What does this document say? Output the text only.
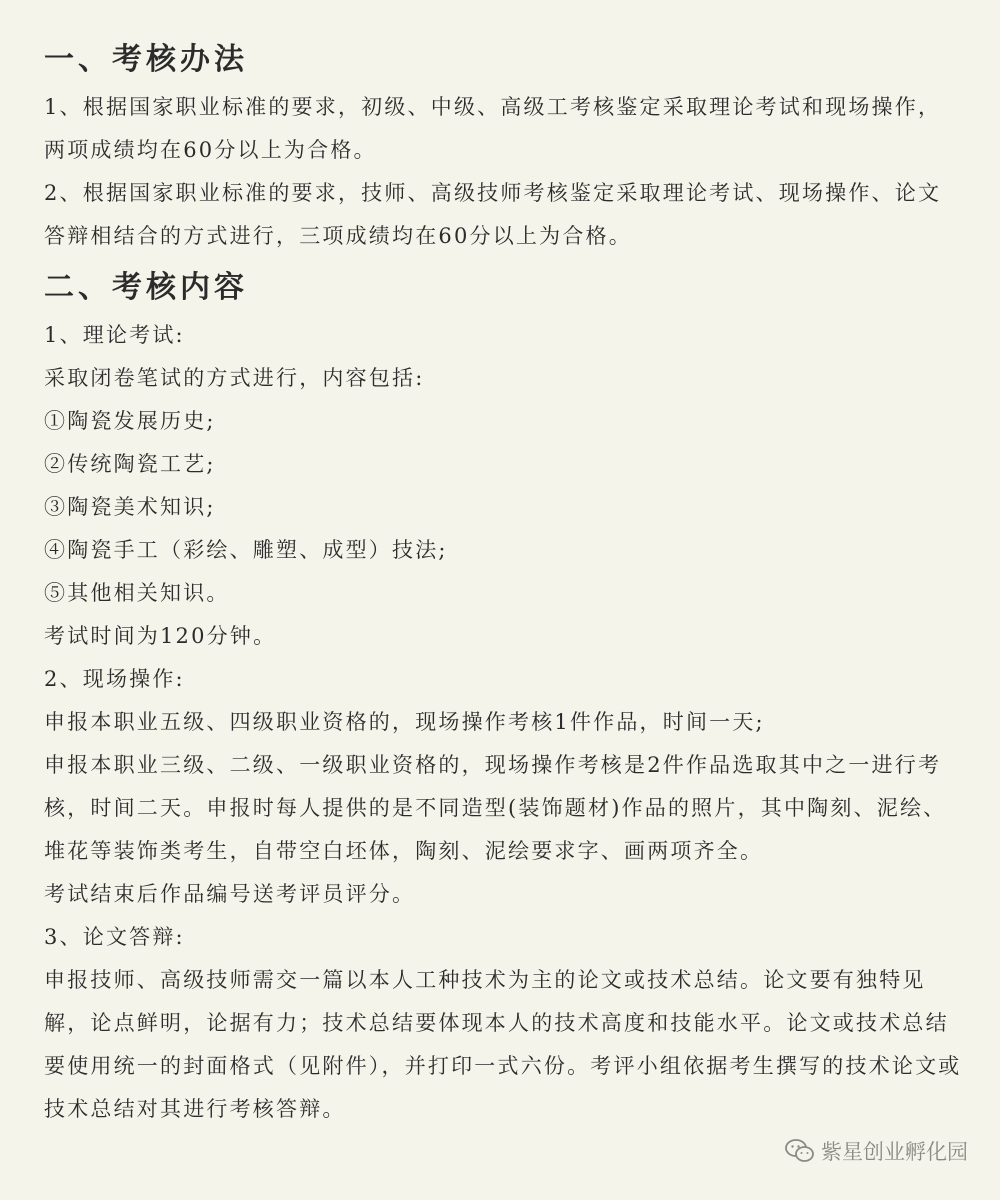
一、考核办法

1、根据国家职业标准的要求，初级、中级、高级工考核鉴定采取理论考试和现场操作，两项成绩均在60分以上为合格。

2、根据国家职业标准的要求，技师、高级技师考核鉴定采取理论考试、现场操作、论文答辩相结合的方式进行，三项成绩均在60分以上为合格。

二、考核内容

1、理论考试:

采取闭卷笔试的方式进行，内容包括:

①陶瓷发展历史;

②传统陶瓷工艺;

③陶瓷美术知识;

④陶瓷手工（彩绘、雕塑、成型）技法;

⑤其他相关知识。

考试时间为120分钟。

2、现场操作:

申报本职业五级、四级职业资格的，现场操作考核1件作品，时间一天;

申报本职业三级、二级、一级职业资格的，现场操作考核是2件作品选取其中之一进行考核，时间二天。申报时每人提供的是不同造型(装饰题材)作品的照片，其中陶刻、泥绘、堆花等装饰类考生，自带空白坯体，陶刻、泥绘要求字、画两项齐全。

考试结束后作品编号送考评员评分。

3、论文答辩:

申报技师、高级技师需交一篇以本人工种技术为主的论文或技术总结。论文要有独特见解，论点鲜明，论据有力；技术总结要体现本人的技术高度和技能水平。论文或技术总结要使用统一的封面格式（见附件），并打印一式六份。考评小组依据考生撰写的技术论文或技术总结对其进行考核答辩。

紫星创业孵化园
